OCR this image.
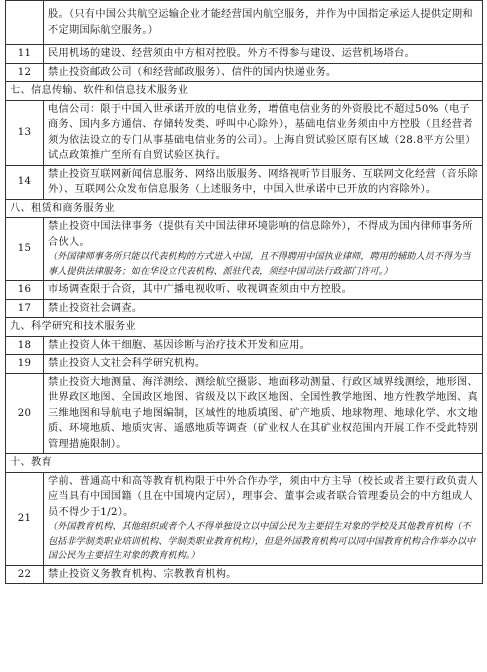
	股。（只有中国公共航空运输企业才能经营国内航空服务，并作为中国指定承运人提供定期和不定期国际航空服务。）
11	民用机场的建设、经营须由中方相对控股。外方不得参与建设、运营机场塔台。
12	禁止投资邮政公司（和经营邮政服务）、信件的国内快递业务。
七、信息传输、软件和信息技术服务业	
13	电信公司：限于中国入世承诺开放的电信业务，增值电信业务的外资股比不超过50%（电子商务、国内多方通信、存储转发类、呼叫中心除外），基础电信业务须由中方控股（且经营者须为依法设立的专门从事基础电信业务的公司）。上海自贸试验区原有区域（28.8平方公里）试点政策推广至所有自贸试验区执行。
14	禁止投资互联网新闻信息服务、网络出版服务、网络视听节目服务、互联网文化经营（音乐除外）、互联网公众发布信息服务（上述服务中，中国入世承诺中已开放的内容除外）。
八、租赁和商务服务业	
15	禁止投资中国法律事务（提供有关中国法律环境影响的信息除外），不得成为国内律师事务所合伙人。
（外国律师事务所只能以代表机构的方式进入中国，且不得聘用中国执业律师，聘用的辅助人员不得为当事人提供法律服务；如在华设立代表机构、派驻代表，须经中国司法行政部门许可。）

16	市场调查限于合资，其中广播电视收听、收视调查须由中方控股。
17	禁止投资社会调查。
九、科学研究和技术服务业	
18	禁止投资人体干细胞、基因诊断与治疗技术开发和应用。
19	禁止投资人文社会科学研究机构。
20	禁止投资大地测量、海洋测绘、测绘航空摄影、地面移动测量、行政区域界线测绘，地形图、世界政区地图、全国政区地图、省级及以下政区地图、全国性教学地图、地方性教学地图、真三维地图和导航电子地图编制，区域性的地质填图、矿产地质、地球物理、地球化学、水文地质、环境地质、地质灾害、遥感地质等调查（矿业权人在其矿业权范围内开展工作不受此特别管理措施限制）。
十、教育	
21	学前、普通高中和高等教育机构限于中外合作办学，须由中方主导（校长或者主要行政负责人应当具有中国国籍（且在中国境内定居），理事会、董事会或者联合管理委员会的中方组成人员不得少于1/2）。
（外国教育机构、其他组织或者个人不得单独设立以中国公民为主要招生对象的学校及其他教育机构（不包括非学制类职业培训机构、学制类职业教育机构），但是外国教育机构可以同中国教育机构合作举办以中国公民为主要招生对象的教育机构。）

22	禁止投资义务教育机构、宗教教育机构。
